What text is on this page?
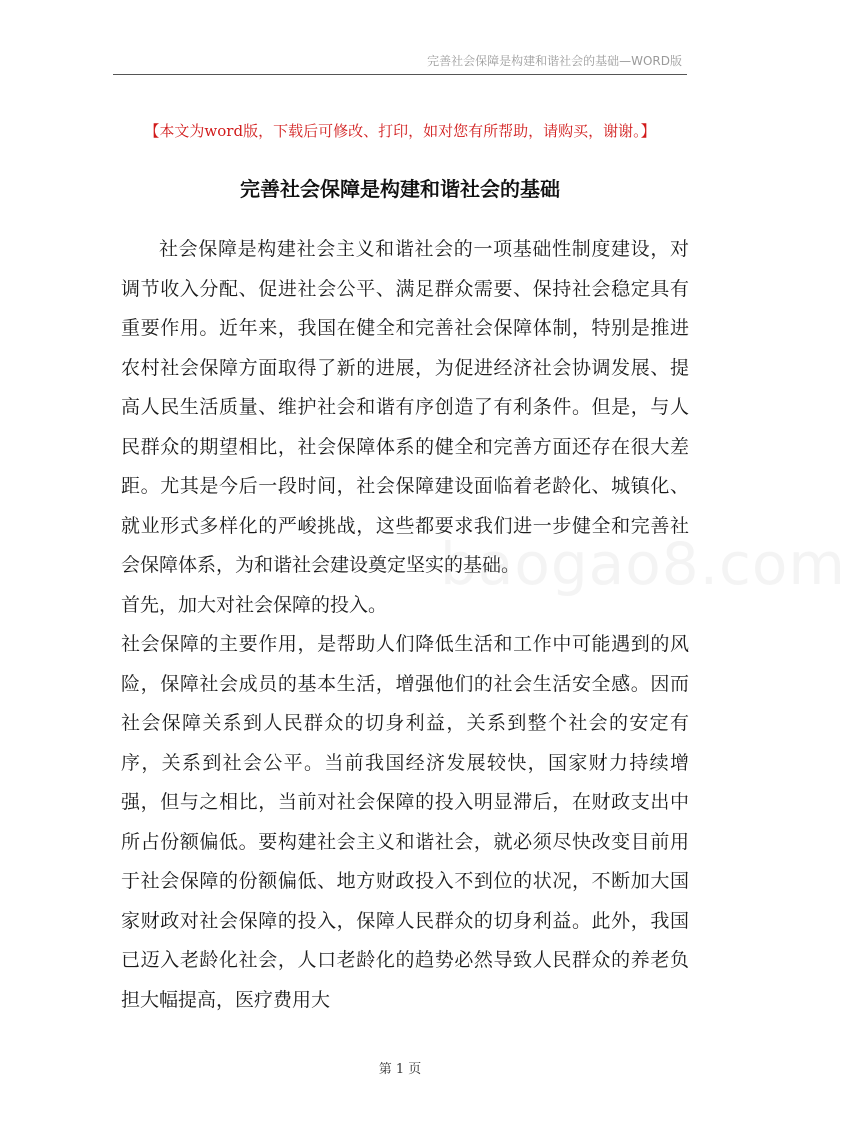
完善社会保障是构建和谐社会的基础—WORD版
【本文为word版，下载后可修改、打印，如对您有所帮助，请购买，谢谢。】
完善社会保障是构建和谐社会的基础

社会保障是构建社会主义和谐社会的一项基础性制度建设，对调节收入分配、促进社会公平、满足群众需要、保持社会稳定具有重要作用。近年来，我国在健全和完善社会保障体制，特别是推进农村社会保障方面取得了新的进展，为促进经济社会协调发展、提高人民生活质量、维护社会和谐有序创造了有利条件。但是，与人民群众的期望相比，社会保障体系的健全和完善方面还存在很大差距。尤其是今后一段时间，社会保障建设面临着老龄化、城镇化、就业形式多样化的严峻挑战，这些都要求我们进一步健全和完善社会保障体系，为和谐社会建设奠定坚实的基础。

首先，加大对社会保障的投入。

社会保障的主要作用，是帮助人们降低生活和工作中可能遇到的风险，保障社会成员的基本生活，增强他们的社会生活安全感。因而社会保障关系到人民群众的切身利益，关系到整个社会的安定有序，关系到社会公平。当前我国经济发展较快，国家财力持续增强，但与之相比，当前对社会保障的投入明显滞后，在财政支出中所占份额偏低。要构建社会主义和谐社会，就必须尽快改变目前用于社会保障的份额偏低、地方财政投入不到位的状况，不断加大国家财政对社会保障的投入，保障人民群众的切身利益。此外，我国已迈入老龄化社会，人口老龄化的趋势必然导致人民群众的养老负担大幅提高，医疗费用大

baogao8.com
第 1 页
